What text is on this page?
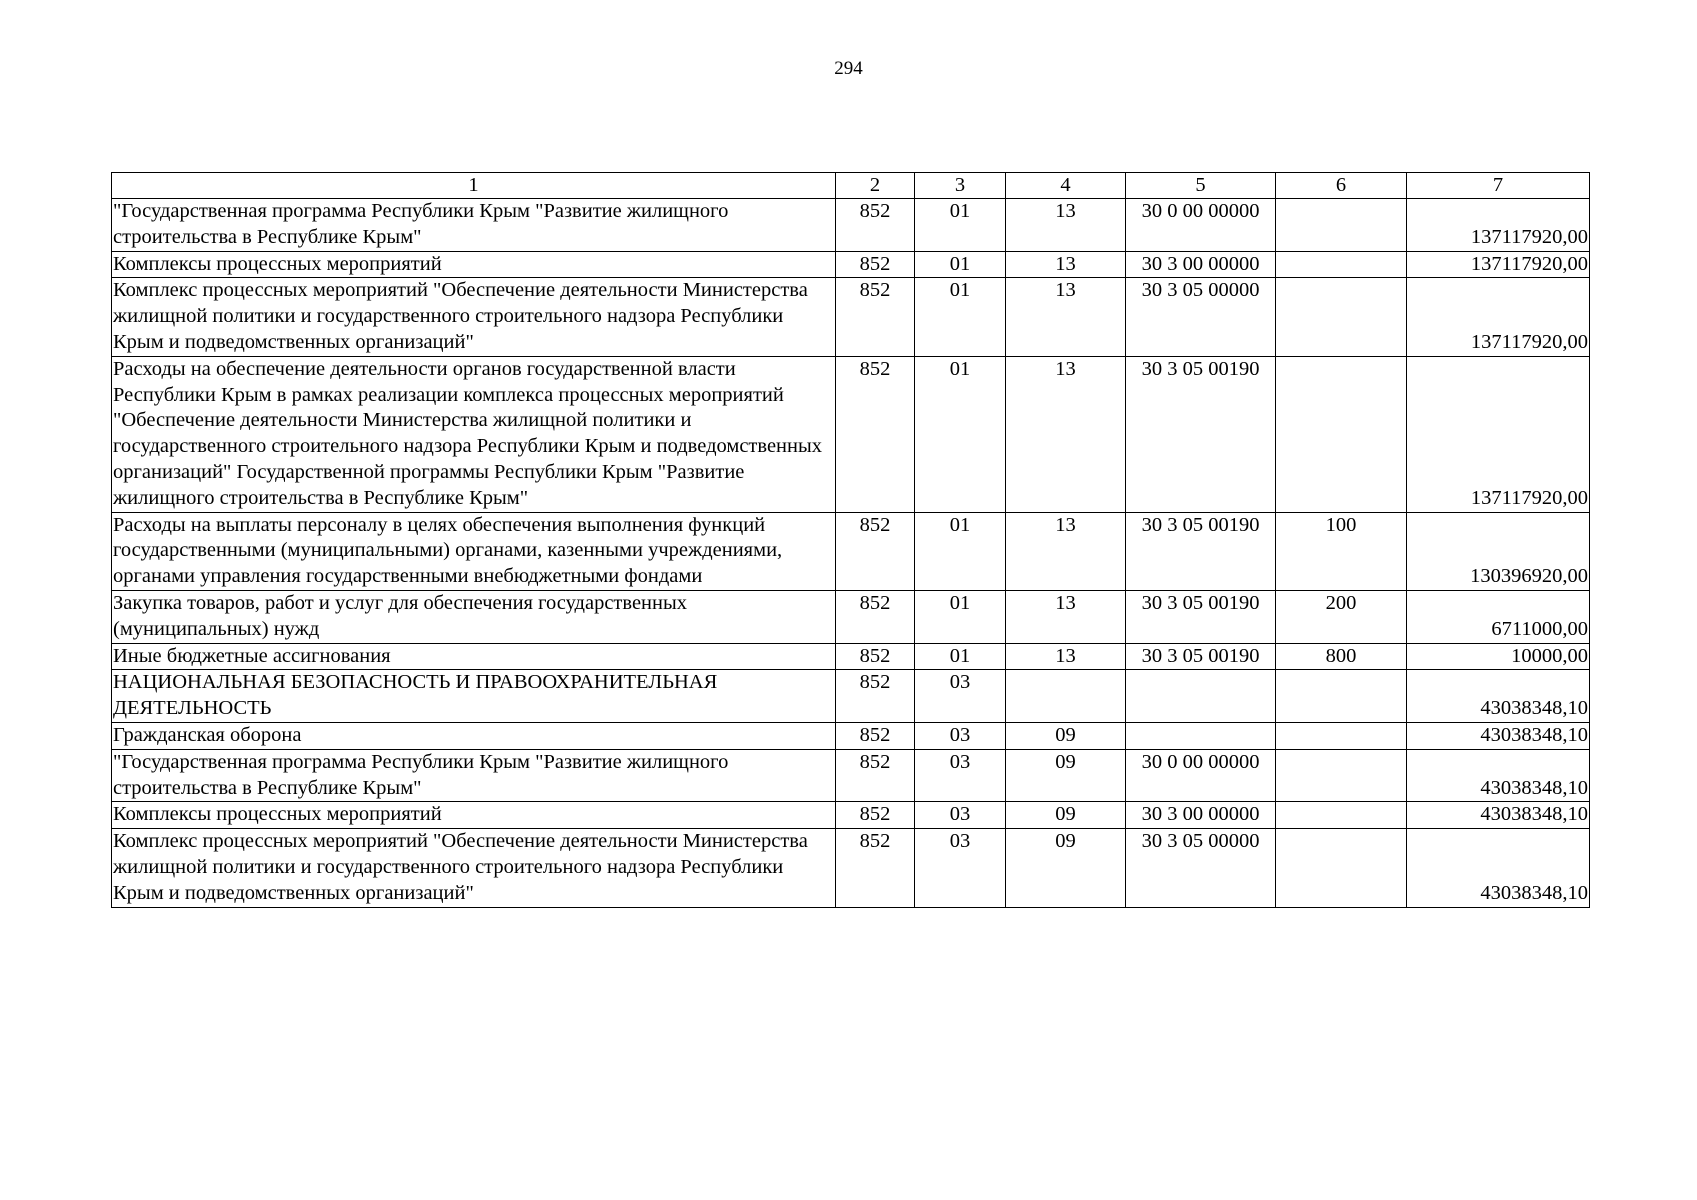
294
1	2	3	4	5	6	7
"Государственная программа Республики Крым "Развитие жилищного строительства в Республике Крым"	852	01	13	30 0 00 00000		137117920,00
Комплексы процессных мероприятий	852	01	13	30 3 00 00000		137117920,00
Комплекс процессных мероприятий "Обеспечение деятельности Министерства жилищной политики и государственного строительного надзора Республики Крым и подведомственных организаций"	852	01	13	30 3 05 00000		137117920,00
Расходы на обеспечение деятельности органов государственной власти Республики Крым в рамках реализации комплекса процессных мероприятий "Обеспечение деятельности Министерства жилищной политики и государственного строительного надзора Республики Крым и подведомственных организаций" Государственной программы Республики Крым "Развитие жилищного строительства в Республике Крым"	852	01	13	30 3 05 00190		137117920,00
Расходы на выплаты персоналу в целях обеспечения выполнения функций государственными (муниципальными) органами, казенными учреждениями, органами управления государственными внебюджетными фондами	852	01	13	30 3 05 00190	100	130396920,00
Закупка товаров, работ и услуг для обеспечения государственных (муниципальных) нужд	852	01	13	30 3 05 00190	200	6711000,00
Иные бюджетные ассигнования	852	01	13	30 3 05 00190	800	10000,00
НАЦИОНАЛЬНАЯ БЕЗОПАСНОСТЬ И ПРАВООХРАНИТЕЛЬНАЯ ДЕЯТЕЛЬНОСТЬ	852	03				43038348,10
Гражданская оборона	852	03	09			43038348,10
"Государственная программа Республики Крым "Развитие жилищного строительства в Республике Крым"	852	03	09	30 0 00 00000		43038348,10
Комплексы процессных мероприятий	852	03	09	30 3 00 00000		43038348,10
Комплекс процессных мероприятий "Обеспечение деятельности Министерства жилищной политики и государственного строительного надзора Республики Крым и подведомственных организаций"	852	03	09	30 3 05 00000		43038348,10
